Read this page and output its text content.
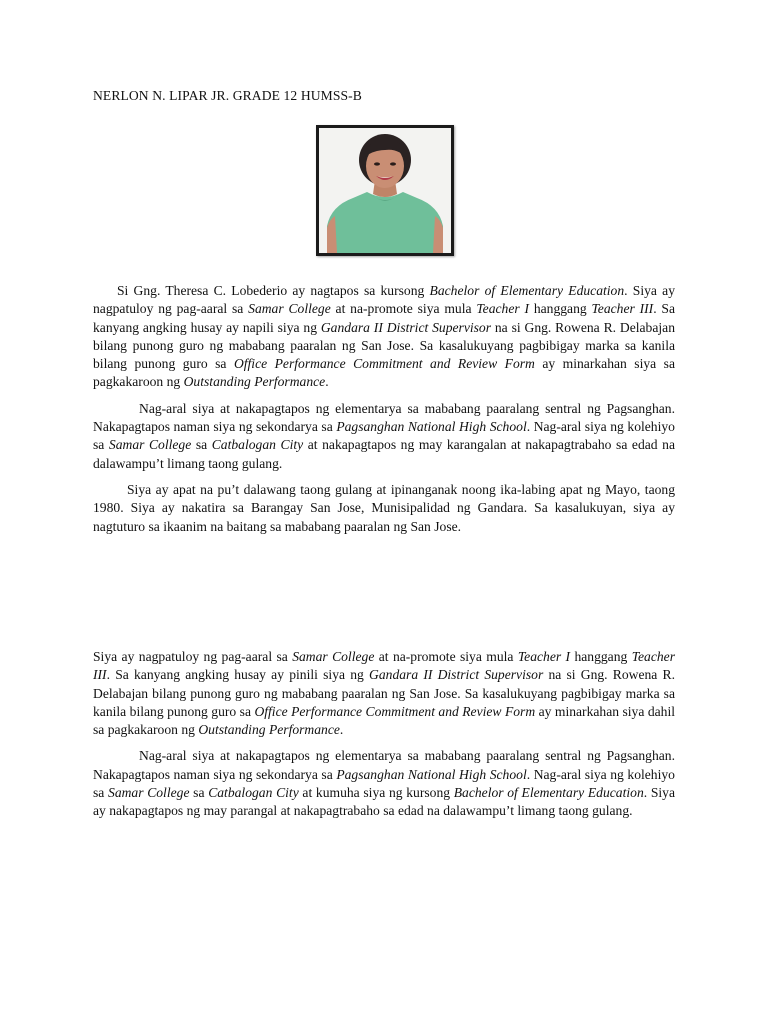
NERLON N. LIPAR JR. GRADE 12 HUMSS-B

Si Gng. Theresa C. Lobederio ay nagtapos sa kursong Bachelor of Elementary Education. Siya ay nagpatuloy ng pag-aaral sa Samar College at na-promote siya mula Teacher I hanggang Teacher III. Sa kanyang angking husay ay napili siya ng Gandara II District Supervisor na si Gng. Rowena R. Delabajan bilang punong guro ng mababang paaralan ng San Jose. Sa kasalukuyang pagbibigay marka sa kanila bilang punong guro sa Office Performance Commitment and Review Form ay minarkahan siya sa pagkakaroon ng Outstanding Performance.

Nag-aral siya at nakapagtapos ng elementarya sa mababang paaralang sentral ng Pagsanghan. Nakapagtapos naman siya ng sekondarya sa Pagsanghan National High School. Nag-aral siya ng kolehiyo sa Samar College sa Catbalogan City at nakapagtapos ng may karangalan at nakapagtrabaho sa edad na dalawampu’t limang taong gulang.

Siya ay apat na pu’t dalawang taong gulang at ipinanganak noong ika-labing apat ng Mayo, taong 1980. Siya ay nakatira sa Barangay San Jose, Munisipalidad ng Gandara. Sa kasalukuyan, siya ay nagtuturo sa ikaanim na baitang sa mababang paaralan ng San Jose.

Siya ay nagpatuloy ng pag-aaral sa Samar College at na-promote siya mula Teacher I hanggang Teacher III. Sa kanyang angking husay ay pinili siya ng Gandara II District Supervisor na si Gng. Rowena R. Delabajan bilang punong guro ng mababang paaralan ng San Jose. Sa kasalukuyang pagbibigay marka sa kanila bilang punong guro sa Office Performance Commitment and Review Form ay minarkahan siya dahil sa pagkakaroon ng Outstanding Performance.

Nag-aral siya at nakapagtapos ng elementarya sa mababang paaralang sentral ng Pagsanghan. Nakapagtapos naman siya ng sekondarya sa Pagsanghan National High School. Nag-aral siya ng kolehiyo sa Samar College sa Catbalogan City at kumuha siya ng kursong Bachelor of Elementary Education. Siya ay nakapagtapos ng may parangal at nakapagtrabaho sa edad na dalawampu’t limang taong gulang.
